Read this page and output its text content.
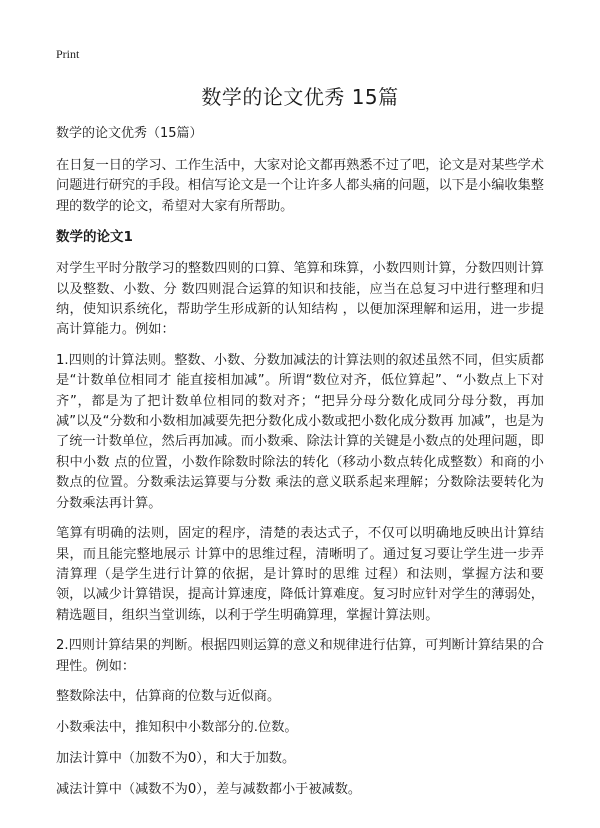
Print
数学的论文优秀 15篇
数学的论文优秀（15篇）

在日复一日的学习、工作生活中，大家对论文都再熟悉不过了吧，论文是对某些学术问题进行研究的手段。相信写论文是一个让许多人都头痛的问题，以下是小编收集整理的数学的论文，希望对大家有所帮助。

数学的论文1

对学生平时分散学习的整数四则的口算、笔算和珠算，小数四则计算，分数四则计算以及整数、小数、分 数四则混合运算的知识和技能，应当在总复习中进行整理和归纳，使知识系统化，帮助学生形成新的认知结构 ，以便加深理解和运用，进一步提高计算能力。例如：

1.四则的计算法则。整数、小数、分数加减法的计算法则的叙述虽然不同，但实质都是“计数单位相同才 能直接相加减”。所谓“数位对齐，低位算起”、“小数点上下对齐”，都是为了把计数单位相同的数对齐；“把异分母分数化成同分母分数，再加减”以及“分数和小数相加减要先把分数化成小数或把小数化成分数再 加减”，也是为了统一计数单位，然后再加减。而小数乘、除法计算的关键是小数点的处理问题，即积中小数 点的位置，小数作除数时除法的转化（移动小数点转化成整数）和商的小数点的位置。分数乘法运算要与分数 乘法的意义联系起来理解；分数除法要转化为分数乘法再计算。

笔算有明确的法则，固定的程序，清楚的表达式子，不仅可以明确地反映出计算结果，而且能完整地展示 计算中的思维过程，清晰明了。通过复习要让学生进一步弄清算理（是学生进行计算的依据，是计算时的思维 过程）和法则，掌握方法和要领，以减少计算错误，提高计算速度，降低计算难度。复习时应针对学生的薄弱处，精选题目，组织当堂训练，以利于学生明确算理，掌握计算法则。

2.四则计算结果的判断。根据四则运算的意义和规律进行估算，可判断计算结果的合理性。例如：

整数除法中，估算商的位数与近似商。
小数乘法中，推知积中小数部分的.位数。
加法计算中（加数不为0），和大于加数。
减法计算中（减数不为0），差与减数都小于被减数。
